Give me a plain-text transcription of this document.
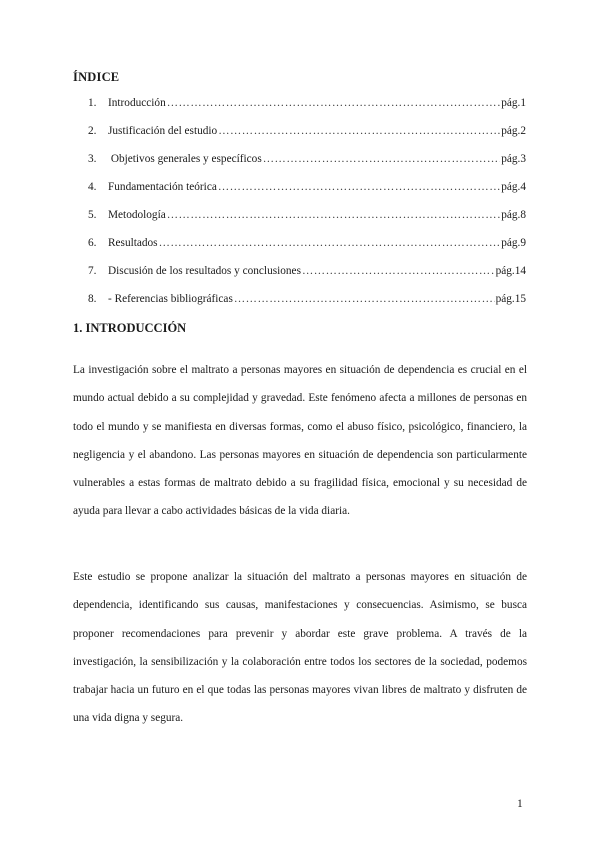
ÍNDICE
1.	Introducción ………………………………………………………………………………………………………………………………………………	pág.1
2.	Justificación del estudio ………………………………………………………………………………………………………………………………………………	pág.2
3.	Objetivos generales y específicos ………………………………………………………………………………………………………………………………………………	pág.3
4.	Fundamentación teórica ………………………………………………………………………………………………………………………………………………	pág.4
5.	Metodología ………………………………………………………………………………………………………………………………………………	pág.8
6.	Resultados ………………………………………………………………………………………………………………………………………………	pág.9
7.	Discusión de los resultados y conclusiones ………………………………………………………………………………………………………………………………………………	pág.14
8.	- Referencias bibliográficas ………………………………………………………………………………………………………………………………………………	pág.15
1. INTRODUCCIÓN

La investigación sobre el maltrato a personas mayores en situación de dependencia es crucial en el mundo actual debido a su complejidad y gravedad. Este fenómeno afecta a millones de personas en todo el mundo y se manifiesta en diversas formas, como el abuso físico, psicológico, financiero, la negligencia y el abandono. Las personas mayores en situación de dependencia son particularmente vulnerables a estas formas de maltrato debido a su fragilidad física, emocional y su necesidad de ayuda para llevar a cabo actividades básicas de la vida diaria.

Este estudio se propone analizar la situación del maltrato a personas mayores en situación de dependencia, identificando sus causas, manifestaciones y consecuencias. Asimismo, se busca proponer recomendaciones para prevenir y abordar este grave problema. A través de la investigación, la sensibilización y la colaboración entre todos los sectores de la sociedad, podemos trabajar hacia un futuro en el que todas las personas mayores vivan libres de maltrato y disfruten de una vida digna y segura.

1
